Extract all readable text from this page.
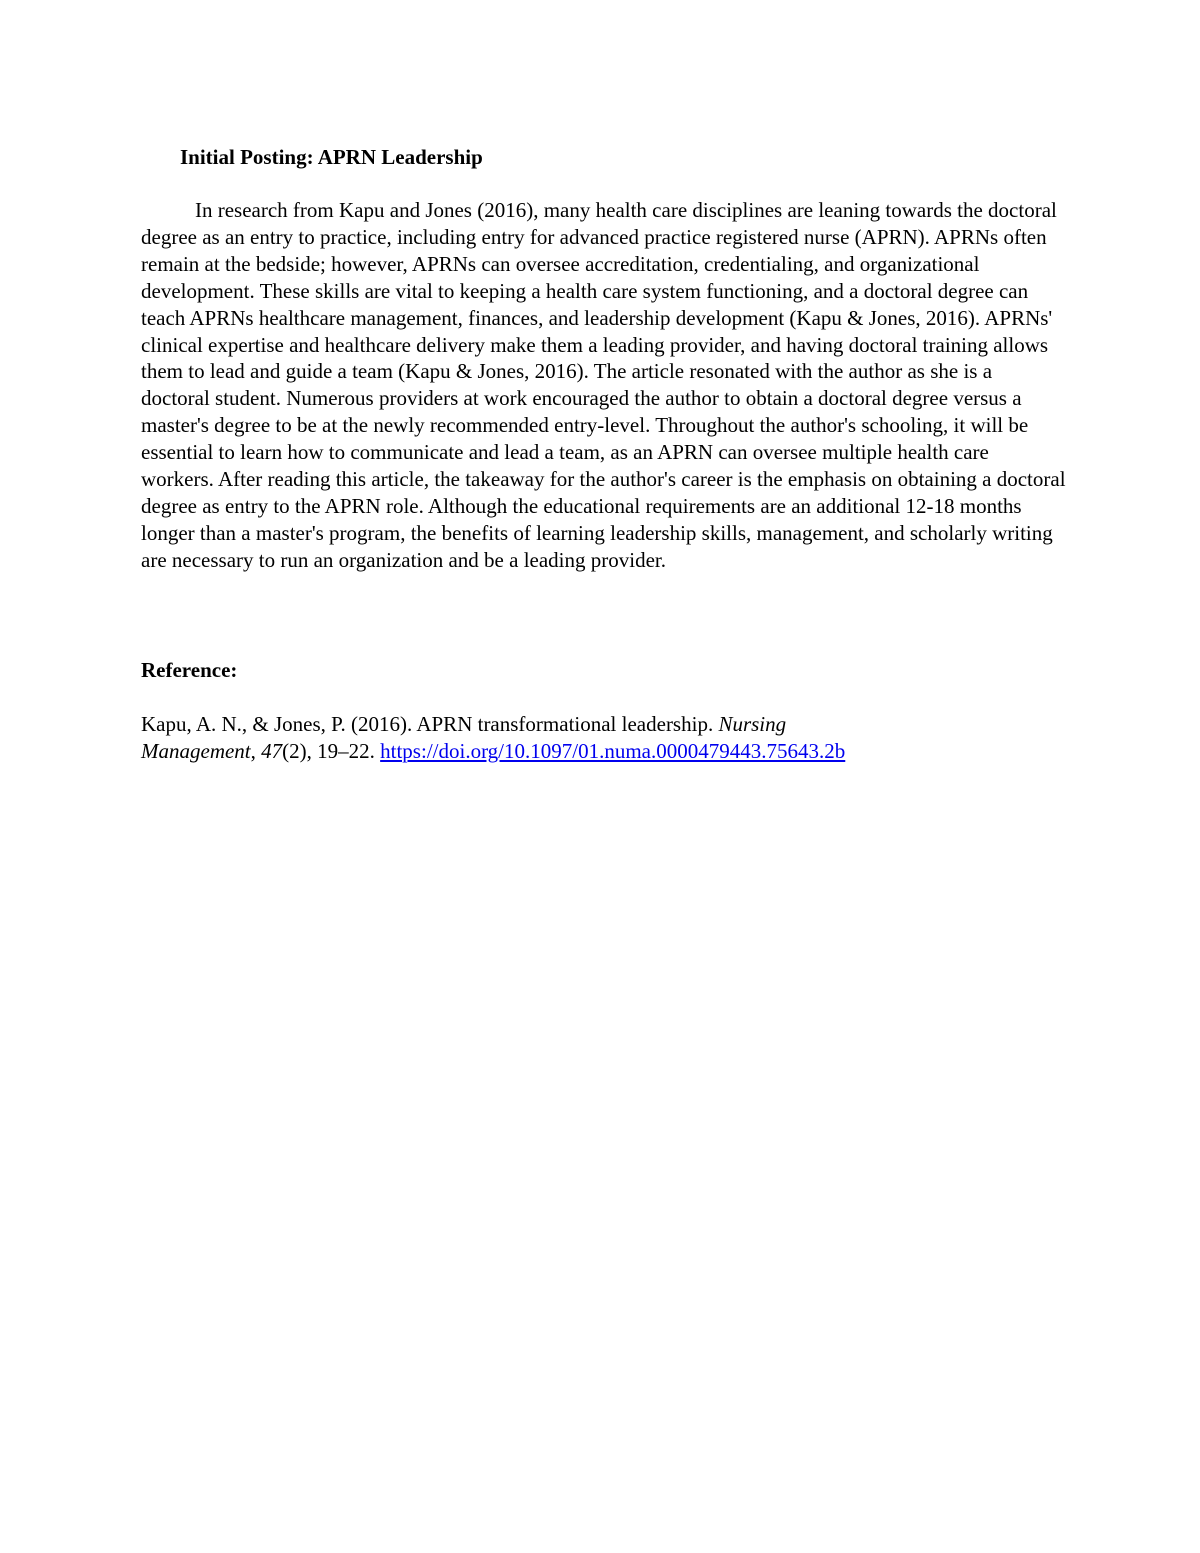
Initial Posting: APRN Leadership

In research from Kapu and Jones (2016), many health care disciplines are leaning towards the doctoral degree as an entry to practice, including entry for advanced practice registered nurse (APRN). APRNs often remain at the bedside; however, APRNs can oversee accreditation, credentialing, and organizational development. These skills are vital to keeping a health care system functioning, and a doctoral degree can teach APRNs healthcare management, finances, and leadership development (Kapu & Jones, 2016). APRNs' clinical expertise and healthcare delivery make them a leading provider, and having doctoral training allows them to lead and guide a team (Kapu & Jones, 2016). The article resonated with the author as she is a doctoral student. Numerous providers at work encouraged the author to obtain a doctoral degree versus a master's degree to be at the newly recommended entry-level. Throughout the author's schooling, it will be essential to learn how to communicate and lead a team, as an APRN can oversee multiple health care workers. After reading this article, the takeaway for the author's career is the emphasis on obtaining a doctoral degree as entry to the APRN role. Although the educational requirements are an additional 12-18 months longer than a master's program, the benefits of learning leadership skills, management, and scholarly writing are necessary to run an organization and be a leading provider.

Reference:

Kapu, A. N., & Jones, P. (2016). APRN transformational leadership. Nursing Management, 47(2), 19–22. https://doi.org/10.1097/01.numa.0000479443.75643.2b
